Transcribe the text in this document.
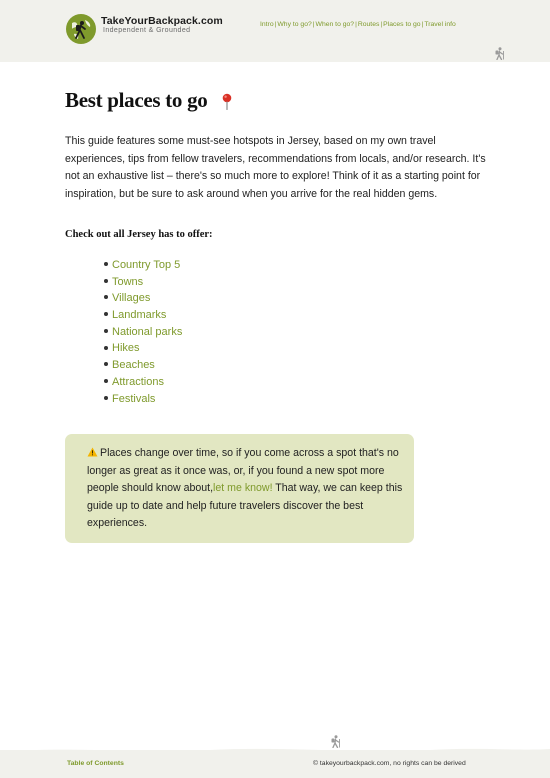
TakeYourBackpack.com
Independent & Grounded
Intro|Why to go?|When to go?|Routes|Places to go|Travel info
Best places to go

This guide features some must-see hotspots in Jersey, based on my own travel experiences, tips from fellow travelers, recommendations from locals, and/or research. It's not an exhaustive list – there's so much more to explore! Think of it as a starting point for inspiration, but be sure to ask around when you arrive for the real hidden gems.

Check out all Jersey has to offer:

Country Top 5
Towns
Villages
Landmarks
National parks
Hikes
Beaches
Attractions
Festivals

Places change over time, so if you come across a spot that's no longer as great as it once was, or, if you found a new spot more people should know about,let me know! That way, we can keep this guide up to date and help future travelers discover the best experiences.

Table of Contents	© takeyourbackpack.com, no rights can be derived
